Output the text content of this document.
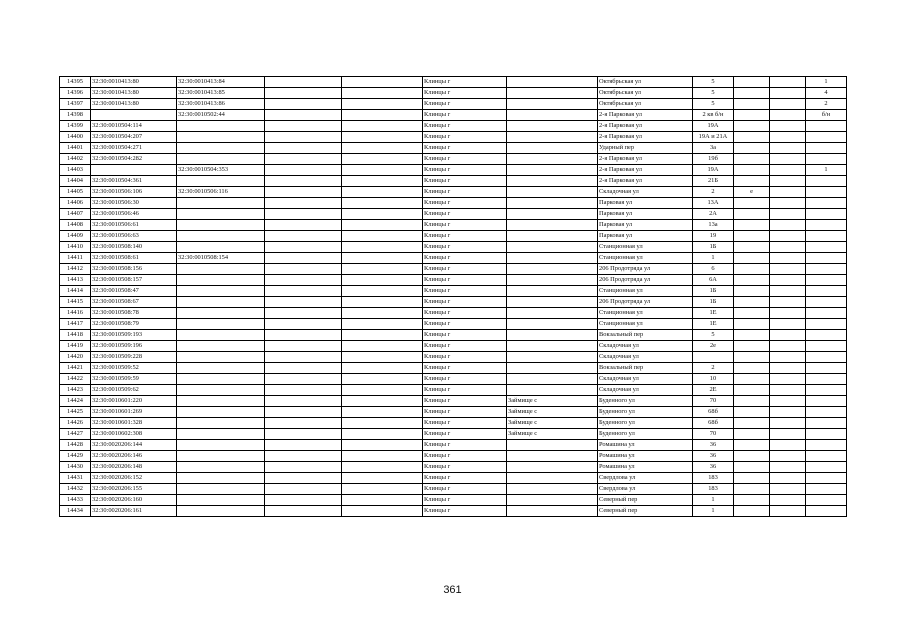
14395	32:30:0010413:80	32:30:0010413:84			Клинцы г		Октябрьская ул	5			1
14396	32:30:0010413:80	32:30:0010413:85			Клинцы г		Октябрьская ул	5			4
14397	32:30:0010413:80	32:30:0010413:86			Клинцы г		Октябрьская ул	5			2
14398		32:30:0010502:44			Клинцы г		2-я Парковая ул	2 кв б/н			б/н
14399	32:30:0010504:114				Клинцы г		2-я Парковая ул	19А			
14400	32:30:0010504:207				Клинцы г		2-я Парковая ул	19А и 21А			
14401	32:30:0010504:271				Клинцы г		Ударный пер	3а			
14402	32:30:0010504:282				Клинцы г		2-я Парковая ул	19б			
14403		32:30:0010504:353			Клинцы г		2-я Парковая ул	19А			1
14404	32:30:0010504:361				Клинцы г		2-я Парковая ул	21Б			
14405	32:30:0010506:106	32:30:0010506:116			Клинцы г		Складочная ул	2	е		
14406	32:30:0010506:30				Клинцы г		Парковая ул	13А			
14407	32:30:0010506:46				Клинцы г		Парковая ул	2А			
14408	32:30:0010506:61				Клинцы г		Парковая ул	13а			
14409	32:30:0010506:63				Клинцы г		Парковая ул	19			
14410	32:30:0010508:140				Клинцы г		Станционная ул	1Б			
14411	32:30:0010508:61	32:30:0010508:154			Клинцы г		Станционная ул	1			
14412	32:30:0010508:156				Клинцы г		206 Продотряда ул	6			
14413	32:30:0010508:157				Клинцы г		206 Продотряда ул	6А			
14414	32:30:0010508:47				Клинцы г		Станционная ул	1Б			
14415	32:30:0010508:67				Клинцы г		206 Продотряда ул	1Б			
14416	32:30:0010508:78				Клинцы г		Станционная ул	1Е			
14417	32:30:0010508:79				Клинцы г		Станционная ул	1Е			
14418	32:30:0010509:193				Клинцы г		Вокзальный пер	5			
14419	32:30:0010509:196				Клинцы г		Складочная ул	2е			
14420	32:30:0010509:228				Клинцы г		Складочная ул				
14421	32:30:0010509:52				Клинцы г		Вокзальный пер	2			
14422	32:30:0010509:59				Клинцы г		Складочная ул	10			
14423	32:30:0010509:62				Клинцы г		Складочная ул	2Е			
14424	32:30:0010601:220				Клинцы г	Займище с	Буденного ул	70			
14425	32:30:0010601:269				Клинцы г	Займище с	Буденного ул	68б			
14426	32:30:0010601:328				Клинцы г	Займище с	Буденного ул	68б			
14427	32:30:0010602:308				Клинцы г	Займище с	Буденного ул	70			
14428	32:30:0020206:144				Клинцы г		Ромашина ул	36			
14429	32:30:0020206:146				Клинцы г		Ромашина ул	36			
14430	32:30:0020206:148				Клинцы г		Ромашина ул	36			
14431	32:30:0020206:152				Клинцы г		Свердлова ул	183			
14432	32:30:0020206:155				Клинцы г		Свердлова ул	183			
14433	32:30:0020206:160				Клинцы г		Северный пер	1			
14434	32:30:0020206:161				Клинцы г		Северный пер	1			
361
